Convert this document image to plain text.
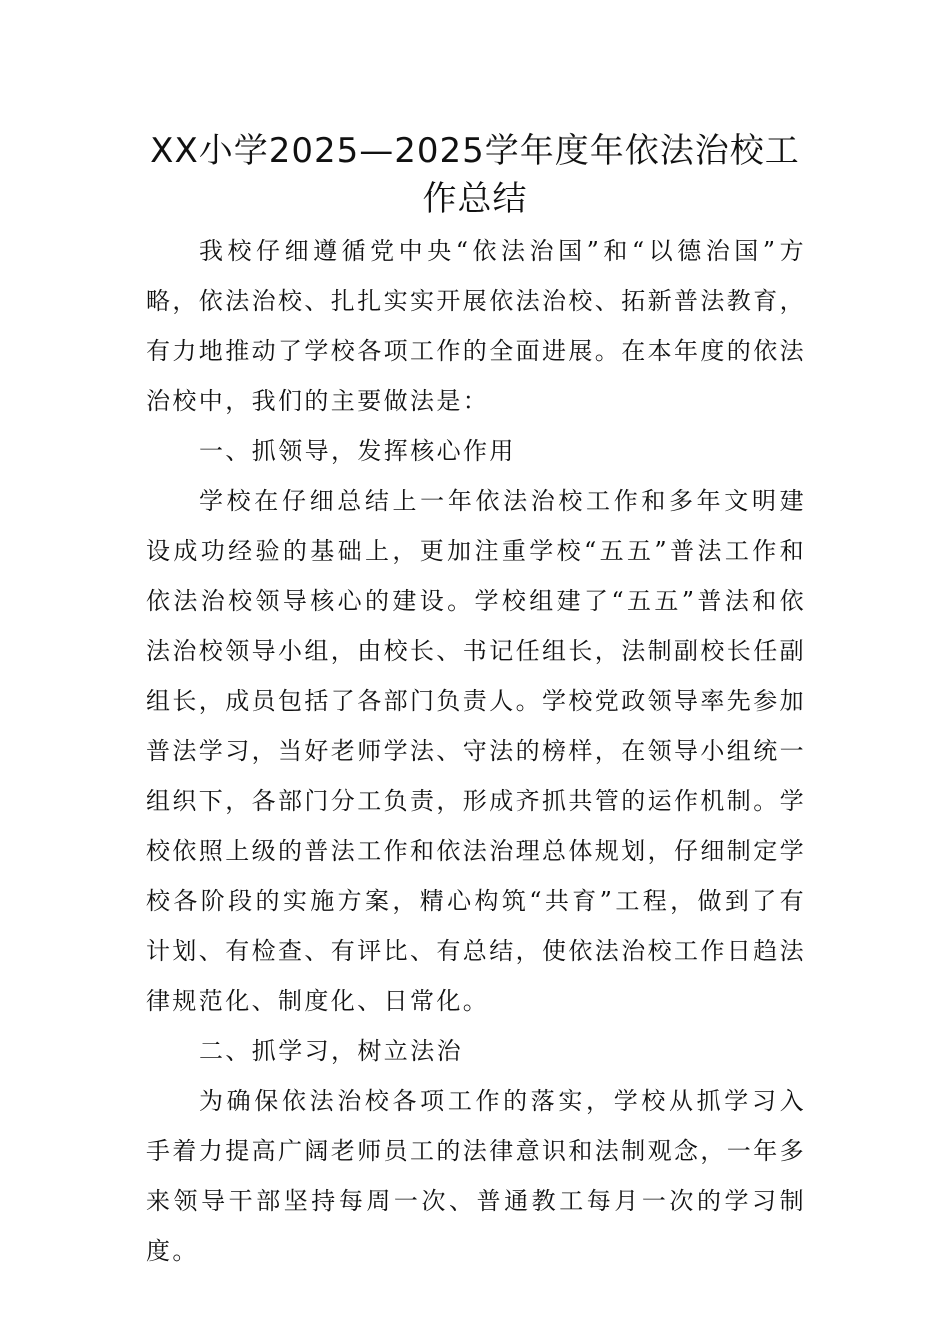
XX小学2025—2025学年度年依法治校工作总结

我校仔细遵循党中央“依法治国”和“以德治国”方略，依法治校、扎扎实实开展依法治校、拓新普法教育，有力地推动了学校各项工作的全面进展。在本年度的依法治校中，我们的主要做法是：

一、抓领导，发挥核心作用

学校在仔细总结上一年依法治校工作和多年文明建设成功经验的基础上，更加注重学校“五五”普法工作和依法治校领导核心的建设。学校组建了“五五”普法和依法治校领导小组，由校长、书记任组长，法制副校长任副组长，成员包括了各部门负责人。学校党政领导率先参加普法学习，当好老师学法、守法的榜样，在领导小组统一组织下，各部门分工负责，形成齐抓共管的运作机制。学校依照上级的普法工作和依法治理总体规划，仔细制定学校各阶段的实施方案，精心构筑“共育”工程，做到了有计划、有检查、有评比、有总结，使依法治校工作日趋法律规范化、制度化、日常化。

二、抓学习，树立法治

为确保依法治校各项工作的落实，学校从抓学习入手着力提高广阔老师员工的法律意识和法制观念，一年多来领导干部坚持每周一次、普通教工每月一次的学习制度。
